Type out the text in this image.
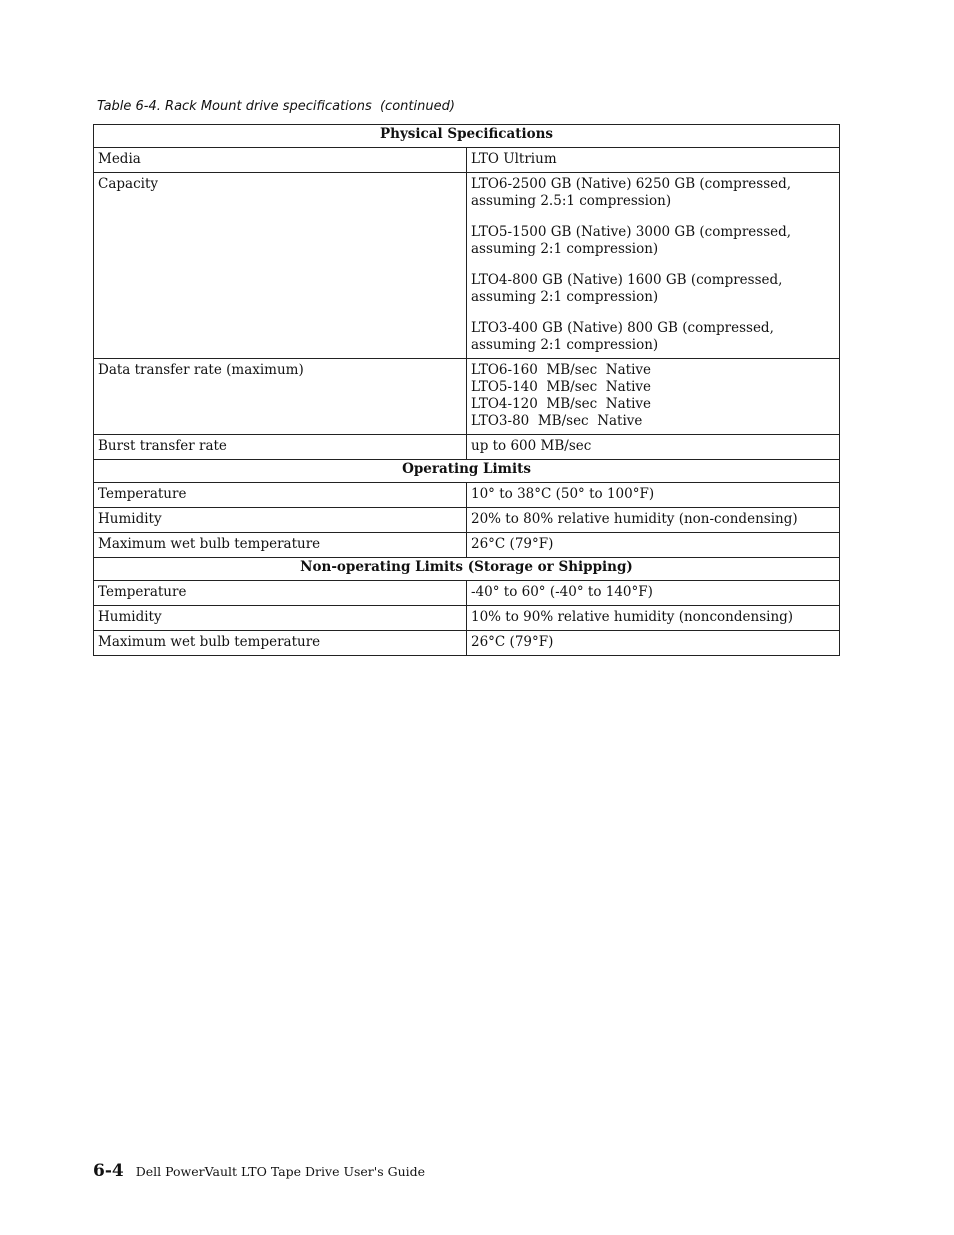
Table 6-4. Rack Mount drive specifications  (continued)
Physical Specifications	
Media	LTO Ultrium
Capacity	LTO6-2500 GB (Native) 6250 GB (compressed, assuming 2.5:1 compression)
LTO5-1500 GB (Native) 3000 GB (compressed, assuming 2:1 compression)
LTO4-800 GB (Native) 1600 GB (compressed, assuming 2:1 compression)
LTO3-400 GB (Native) 800 GB (compressed, assuming 2:1 compression)

Data transfer rate (maximum)	LTO6-160  MB/sec  Native
LTO5-140  MB/sec  Native
LTO4-120  MB/sec  Native
LTO3-80  MB/sec  Native

Burst transfer rate	up to 600 MB/sec
Operating Limits	
Temperature	10° to 38°C (50° to 100°F)
Humidity	20% to 80% relative humidity (non-condensing)
Maximum wet bulb temperature	26°C (79°F)
Non-operating Limits (Storage or Shipping)	
Temperature	-40° to 60° (-40° to 140°F)
Humidity	10% to 90% relative humidity (noncondensing)
Maximum wet bulb temperature	26°C (79°F)
6-4 Dell PowerVault LTO Tape Drive User's Guide
